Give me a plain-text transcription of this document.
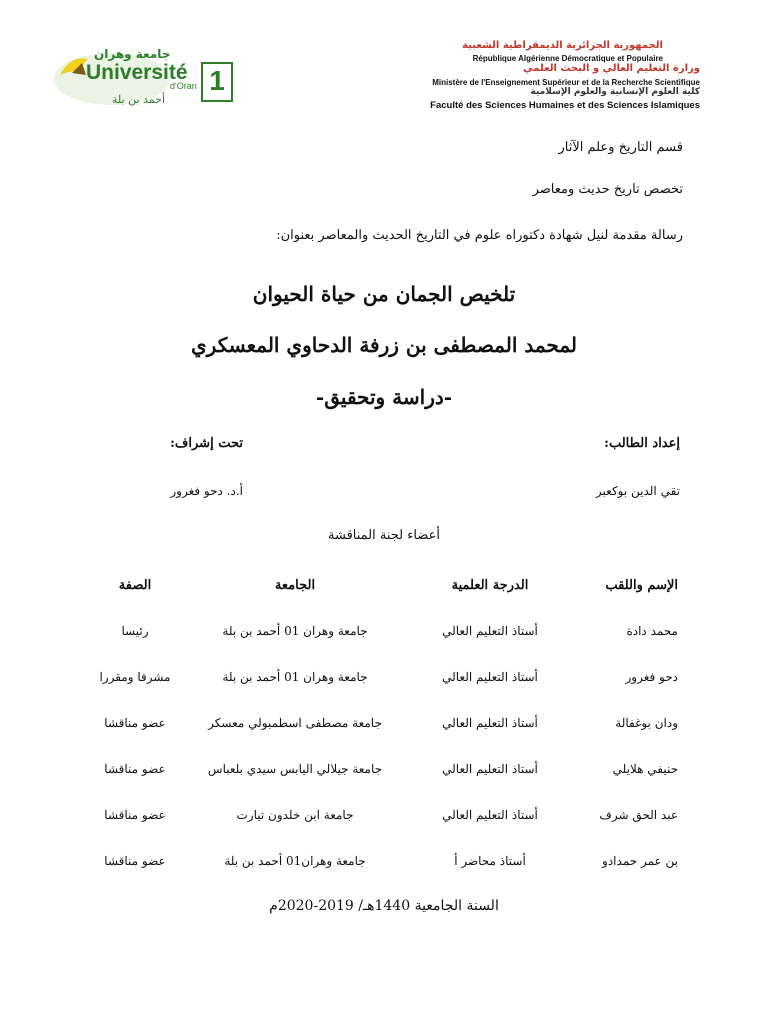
جامعة وهران
Université
d'Oran
أحمد بن بلة
1
الجمهورية الجزائرية الديمقراطية الشعبية
République Algérienne Démocratique et Populaire
وزارة التعليم العالي و البحث العلمي
Ministère de l'Enseignement Supérieur et de la Recherche Scientifique
كلية العلوم الإنسانية والعلوم الإسلامية
Faculté des Sciences Humaines et des Sciences Islamiques
قسم التاريخ وعلم الآثار
تخصص تاريخ حديث ومعاصر
رسالة مقدمة لنيل شهادة دكتوراه علوم في التاريخ الحديث والمعاصر بعنوان:
تلخيص الجمان من حياة الحيوان
لمحمد المصطفى بن زرفة الدحاوي المعسكري
-دراسة وتحقيق-
إعداد الطالب:
تحت إشراف:
تقي الدين بوكعبر
أ.د. دحو فغرور
أعضاء لجنة المناقشة
الإسم واللقب
الدرجة العلمية
الجامعة
الصفة
محمد دادة
أستاذ التعليم العالي
جامعة وهران 01 أحمد بن بلة
رئيسا
دحو فغرور
أستاذ التعليم العالي
جامعة وهران 01 أحمد بن بلة
مشرفا ومقررا
ودان بوغفالة
أستاذ التعليم العالي
جامعة مصطفى اسطمبولي معسكر
عضو مناقشا
حنيفي هلايلي
أستاذ التعليم العالي
جامعة جيلالي اليابس سيدي بلعباس
عضو مناقشا
عبد الحق شرف
أستاذ التعليم العالي
جامعة ابن خلدون تيارت
عضو مناقشا
بن عمر حمدادو
أستاذ محاضر أ
جامعة وهران01 أحمد بن بلة
عضو مناقشا
السنة الجامعية 1440هـ/ 2019-2020م
